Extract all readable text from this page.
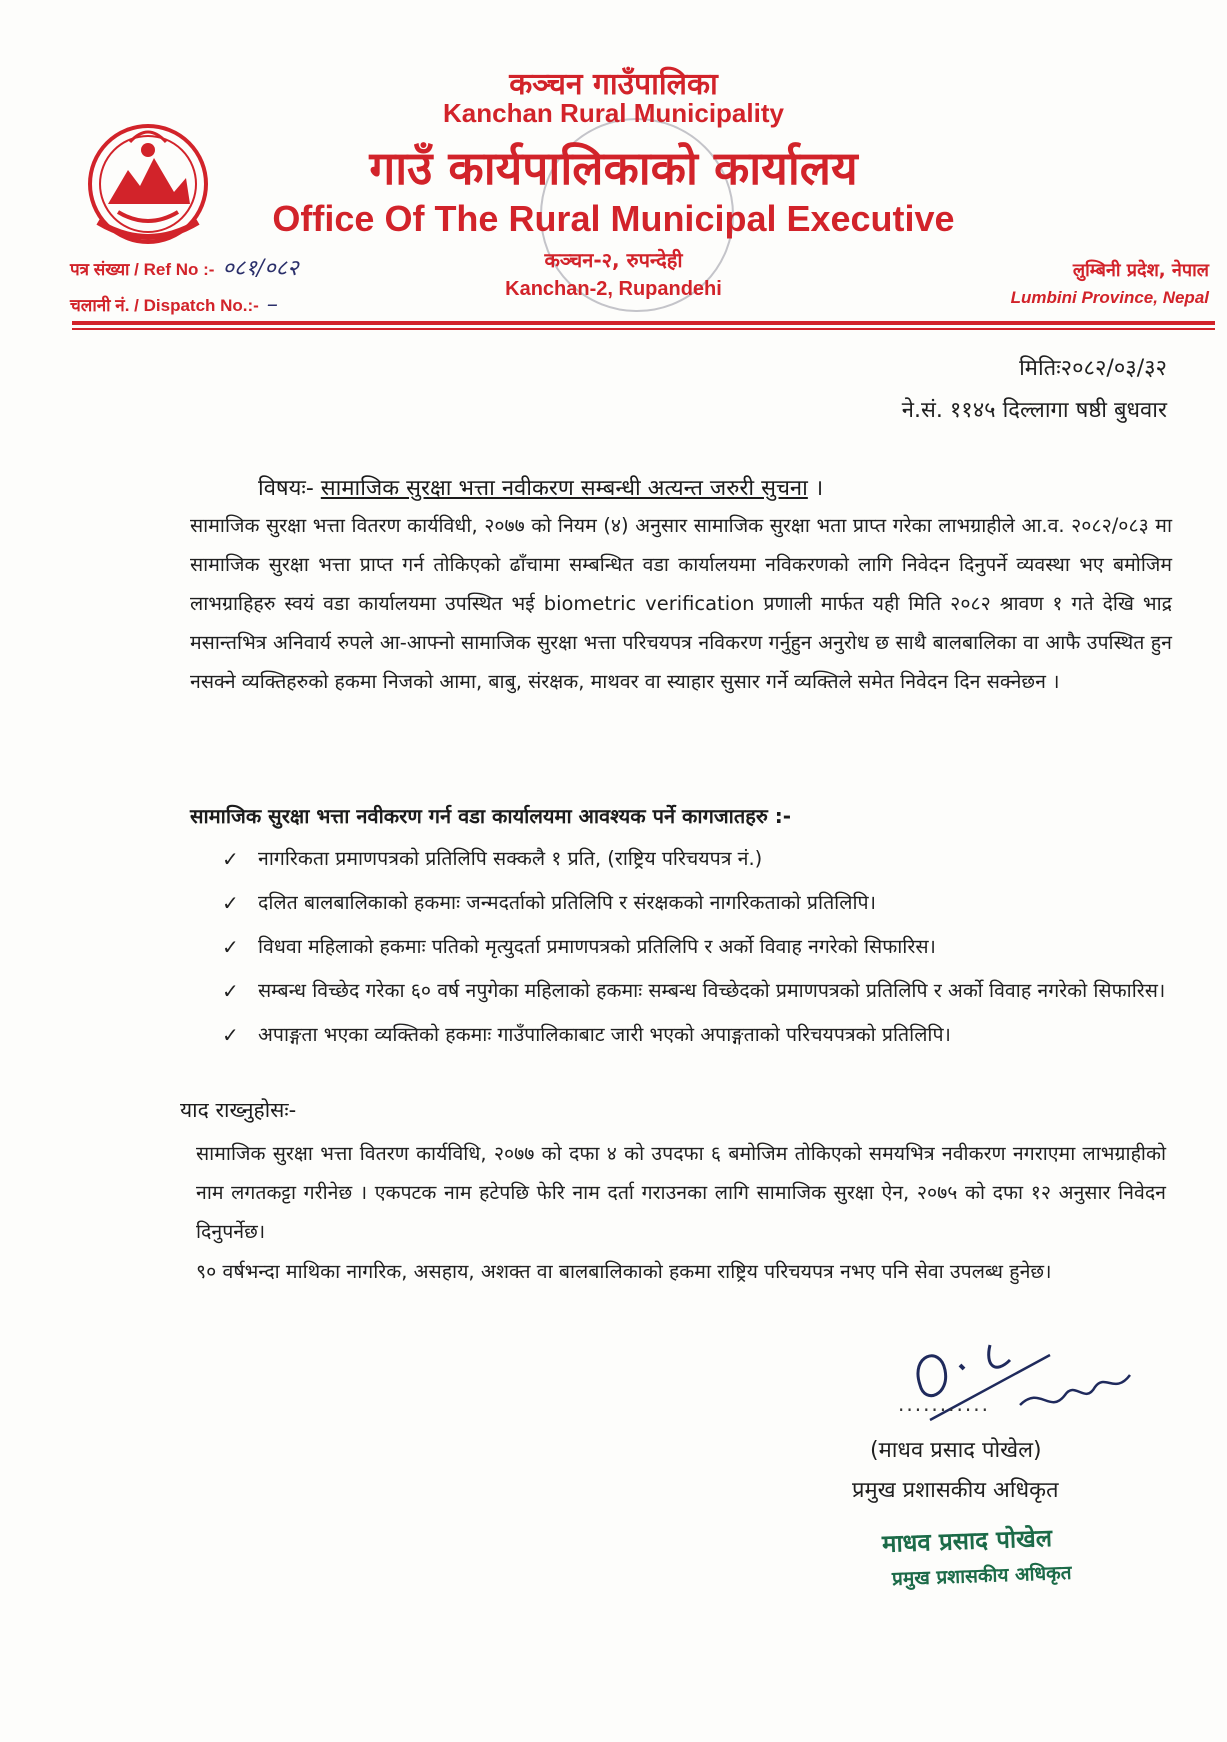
कञ्चन गाउँपालिका
Kanchan Rural Municipality
गाउँ कार्यपालिकाको कार्यालय
Office Of The Rural Municipal Executive
कञ्चन-२, रुपन्देही
Kanchan-2, Rupandehi
पत्र संख्या / Ref No :- ०८१/०८२
चलानी नं. / Dispatch No.:- –
लुम्बिनी प्रदेश, नेपाल
Lumbini Province, Nepal
मितिः२०८२/०३/३२
ने.सं. ११४५ दिल्लागा षष्ठी बुधवार
विषयः- सामाजिक सुरक्षा भत्ता नवीकरण सम्बन्धी अत्यन्त जरुरी सुचना ।
सामाजिक सुरक्षा भत्ता वितरण कार्यविधी, २०७७ को नियम (४) अनुसार सामाजिक सुरक्षा भता प्राप्त गरेका लाभग्राहीले आ.व. २०८२/०८३ मा सामाजिक सुरक्षा भत्ता प्राप्त गर्न तोकिएको ढाँचामा सम्बन्धित वडा कार्यालयमा नविकरणको लागि निवेदन दिनुपर्ने व्यवस्था भए बमोजिम लाभग्राहिहरु स्वयं वडा कार्यालयमा उपस्थित भई biometric verification प्रणाली मार्फत यही मिति २०८२ श्रावण १ गते देखि भाद्र मसान्तभित्र अनिवार्य रुपले आ-आफ्नो सामाजिक सुरक्षा भत्ता परिचयपत्र नविकरण गर्नुहुन अनुरोध छ साथै बालबालिका वा आफै उपस्थित हुन नसक्ने व्यक्तिहरुको हकमा निजको आमा, बाबु, संरक्षक, माथवर वा स्याहार सुसार गर्ने व्यक्तिले समेत निवेदन दिन सक्नेछन ।
सामाजिक सुरक्षा भत्ता नवीकरण गर्न वडा कार्यालयमा आवश्यक पर्ने कागजातहरु :-
✓ नागरिकता प्रमाणपत्रको प्रतिलिपि सक्कलै १ प्रति, (राष्ट्रिय परिचयपत्र नं.)
✓ दलित बालबालिकाको हकमाः जन्मदर्ताको प्रतिलिपि र संरक्षकको नागरिकताको प्रतिलिपि।
✓ विधवा महिलाको हकमाः पतिको मृत्युदर्ता प्रमाणपत्रको प्रतिलिपि र अर्को विवाह नगरेको सिफारिस।
✓ सम्बन्ध विच्छेद गरेका ६० वर्ष नपुगेका महिलाको हकमाः सम्बन्ध विच्छेदको प्रमाणपत्रको प्रतिलिपि र अर्को विवाह नगरेको सिफारिस।
✓ अपाङ्गता भएका व्यक्तिको हकमाः गाउँपालिकाबाट जारी भएको अपाङ्गताको परिचयपत्रको प्रतिलिपि।
याद राख्नुहोसः-
सामाजिक सुरक्षा भत्ता वितरण कार्यविधि, २०७७ को दफा ४ को उपदफा ६ बमोजिम तोकिएको समयभित्र नवीकरण नगराएमा लाभग्राहीको नाम लगतकट्टा गरीनेछ । एकपटक नाम हटेपछि फेरि नाम दर्ता गराउनका लागि सामाजिक सुरक्षा ऐन, २०७५ को दफा १२ अनुसार निवेदन दिनुपर्नेछ।
९० वर्षभन्दा माथिका नागरिक, असहाय, अशक्त वा बालबालिकाको हकमा राष्ट्रिय परिचयपत्र नभए पनि सेवा उपलब्ध हुनेछ।
...........
(माधव प्रसाद पोखेल)
प्रमुख प्रशासकीय अधिकृत
माधव प्रसाद पोखेल
प्रमुख प्रशासकीय अधिकृत
